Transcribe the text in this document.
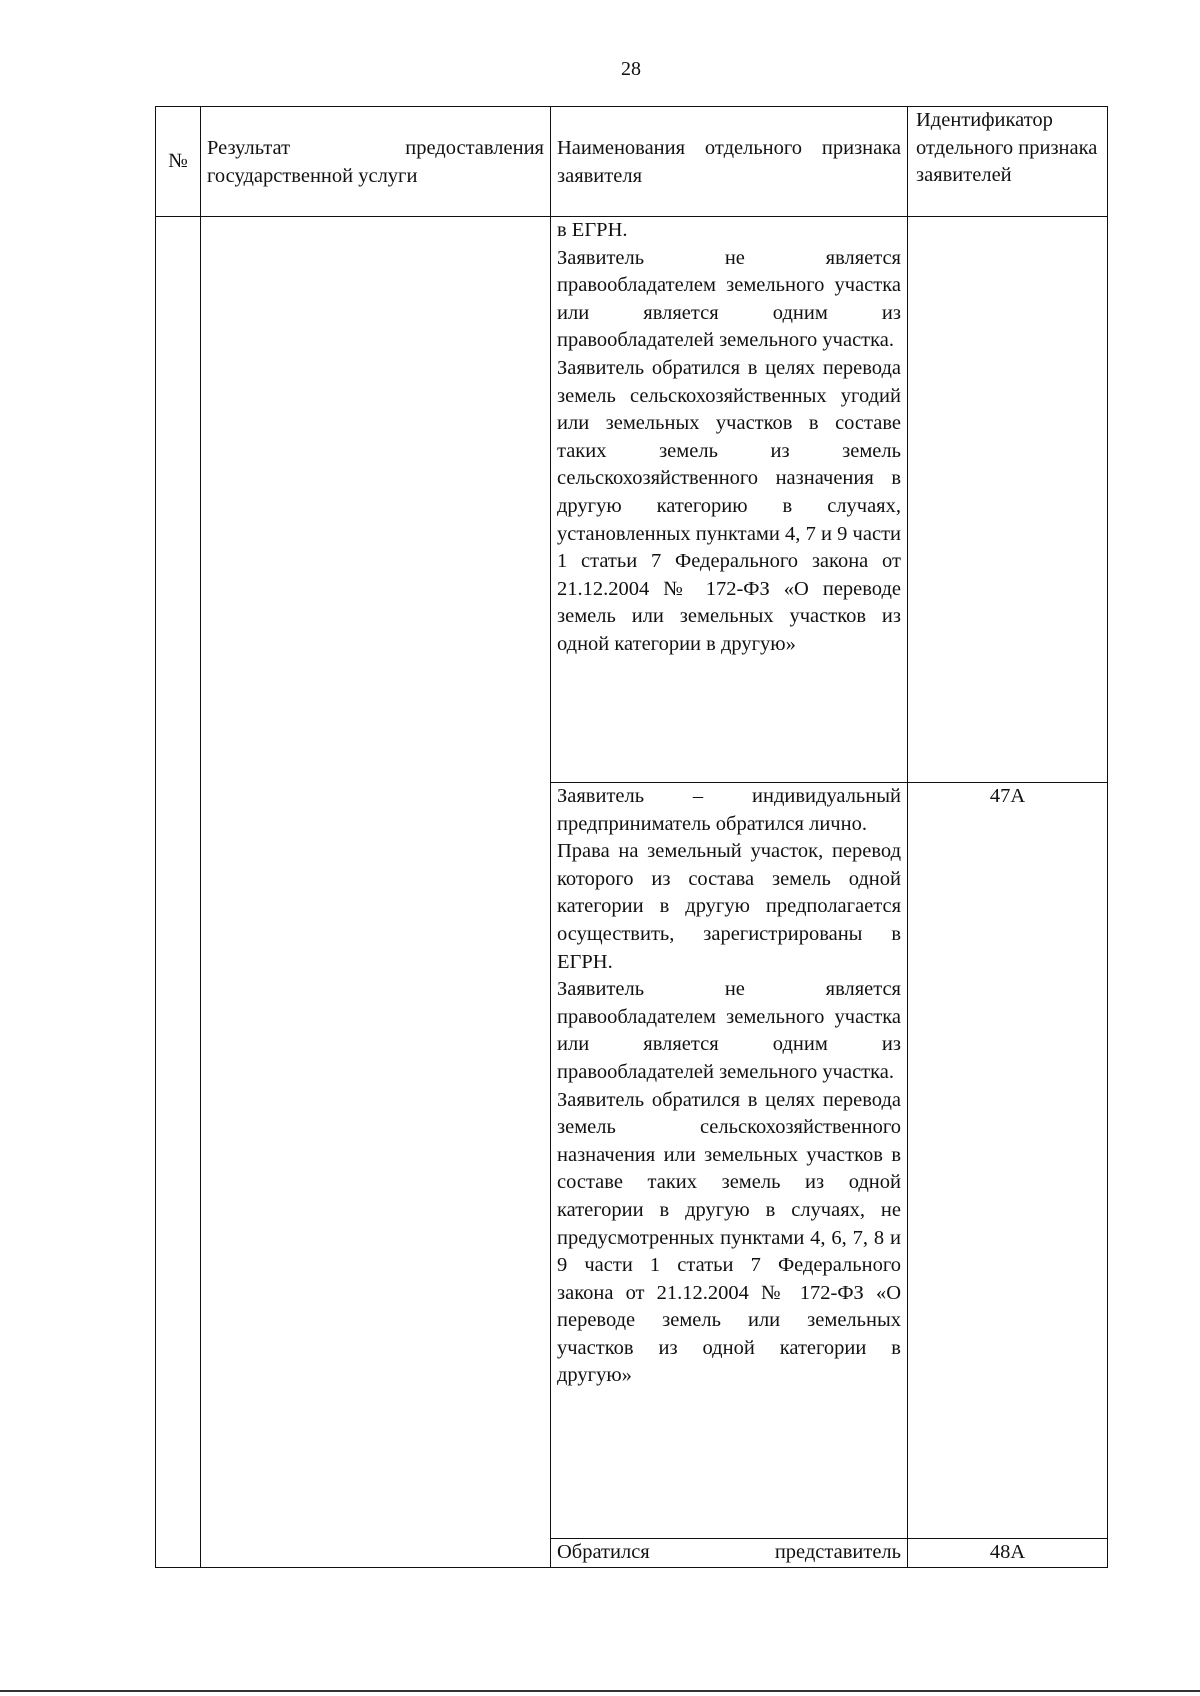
28
№	Результат предоставления государственной услуги	Наименования отдельного признака заявителя	Идентификатор отдельного признака заявителей

		в ЕГРН.
Заявитель не является правообладателем земельного участка или является одним из правообладателей земельного участка.
Заявитель обратился в целях перевода земель сельскохозяйственных угодий или земельных участков в составе таких земель из земель сельскохозяйственного назначения в другую категорию в случаях, установленных пунктами 4, 7 и 9 части 1 статьи 7 Федерального закона от 21.12.2004 № 172-ФЗ «О переводе земель или земельных участков из одной категории в другую»	

		Заявитель – индивидуальный предприниматель обратился лично.
Права на земельный участок, перевод которого из состава земель одной категории в другую предполагается осуществить, зарегистрированы в ЕГРН.
Заявитель не является правообладателем земельного участка или является одним из правообладателей земельного участка.
Заявитель обратился в целях перевода земель сельскохозяйственного назначения или земельных участков в составе таких земель из одной категории в другую в случаях, не предусмотренных пунктами 4, 6, 7, 8 и 9 части 1 статьи 7 Федерального закона от 21.12.2004 № 172-ФЗ «О переводе земель или земельных участков из одной категории в другую»	47А

		Обратился представитель	48А
